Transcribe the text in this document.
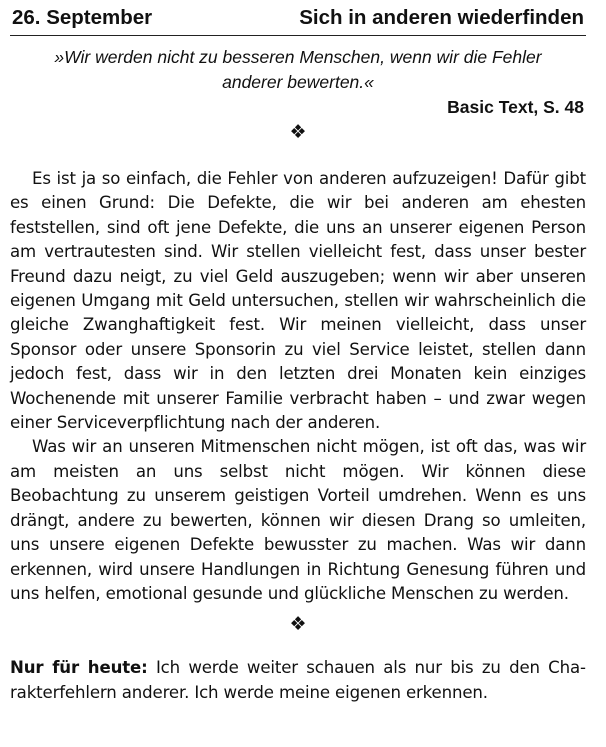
26. September	Sich in anderen wiederfinden
»Wir werden nicht zu besseren Menschen, wenn wir die Fehler anderer bewerten.«
Basic Text, S. 48
❖

Es ist ja so einfach, die Fehler von anderen aufzuzeigen! Dafür gibt es einen Grund: Die Defekte, die wir bei anderen am ehesten feststellen, sind oft jene Defekte, die uns an unserer eigenen Person am vertrautesten sind. Wir stellen vielleicht fest, dass unser bester Freund dazu neigt, zu viel Geld auszugeben; wenn wir aber unseren eigenen Umgang mit Geld untersuchen, stellen wir wahrscheinlich die gleiche Zwanghaftigkeit fest. Wir meinen vielleicht, dass unser Sponsor oder unsere Sponsorin zu viel Service leistet, stellen dann jedoch fest, dass wir in den letzten drei Monaten kein einziges Wochenende mit unserer Familie verbracht haben – und zwar wegen einer Serviceverpflichtung nach der anderen.

Was wir an unseren Mitmenschen nicht mögen, ist oft das, was wir am meisten an uns selbst nicht mögen. Wir können diese Beobachtung zu unserem geistigen Vorteil umdrehen. Wenn es uns drängt, andere zu bewerten, können wir diesen Drang so umleiten, uns unsere eigenen Defekte bewusster zu machen. Was wir dann erkennen, wird unsere Handlungen in Richtung Genesung führen und uns helfen, emotional gesunde und glückliche Menschen zu werden.

❖
Nur für heute: Ich werde weiter schauen als nur bis zu den Charakterfehlern anderer. Ich werde meine eigenen erkennen.
